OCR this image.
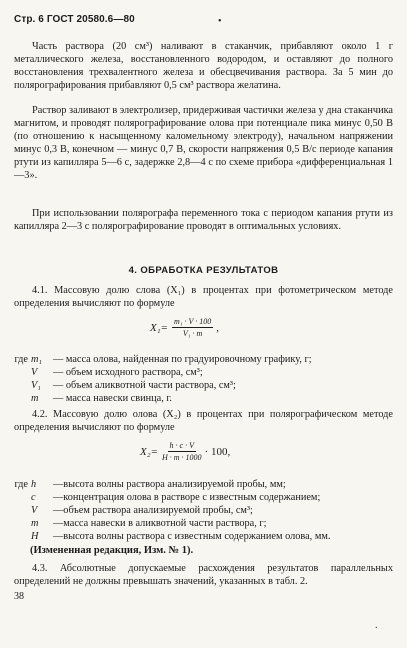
Стр. 6 ГОСТ 20580.6—80	•

Часть раствора (20 см³) наливают в стаканчик, прибавляют около 1 г металлического железа, восстановленного водородом, и оставляют до полного восстановления трехвалентного железа и обесцвечивания раствора. За 5 мин до полярографирования прибавляют 0,5 см³ раствора желатина.

Раствор заливают в электролизер, придерживая частички железа у дна стаканчика магнитом, и проводят полярографирование олова при потенциале пика минус 0,50 В (по отношению к насыщенному каломельному электроду), начальном напряжении минус 0,3 В, конечном — минус 0,7 В, скорости напряжения 0,5 В/с периоде капания ртути из капилляра 5—6 с, задержке 2,8—4 с по схеме прибора «дифференциальная 1—3».

При использовании полярографа переменного тока с периодом капания ртути из капилляра 2—3 с полярографирование проводят в оптимальных условиях.

4. ОБРАБОТКА РЕЗУЛЬТАТОВ

4.1. Массовую долю слова (X₁) в процентах при фотометрическом методе определения вычисляют по формуле

$X_1= \frac{\text{m₁ · V · 100}}{\text{V₁ · m}}$ ,
где m₁	— масса олова, найденная по градуировочному графику, г;
V	— объем исходного раствора, см³;
V₁	— объем аликвотной части раствора, см³;
m	— масса навески свинца, г.

4.2. Массовую долю олова (X₂) в процентах при полярографическом методе определения вычисляют по формуле

$X_2= \frac{h \cdot c \cdot V}{H \cdot m \cdot 1000} \cdot 100$,
где h	—высота волны раствора анализируемой пробы, мм;
c	—концентрация олова в растворе с известным содержанием;
V	—объем раствора анализируемой пробы, см³;
m	—масса навески в аликвотной части раствора, г;
H	—высота волны раствора с известным содержанием олова, мм.
(Измененная редакция, Изм. № 1).

4.3. Абсолютные допускаемые расхождения результатов параллельных определений не должны превышать значений, указанных в табл. 2.

38
.
